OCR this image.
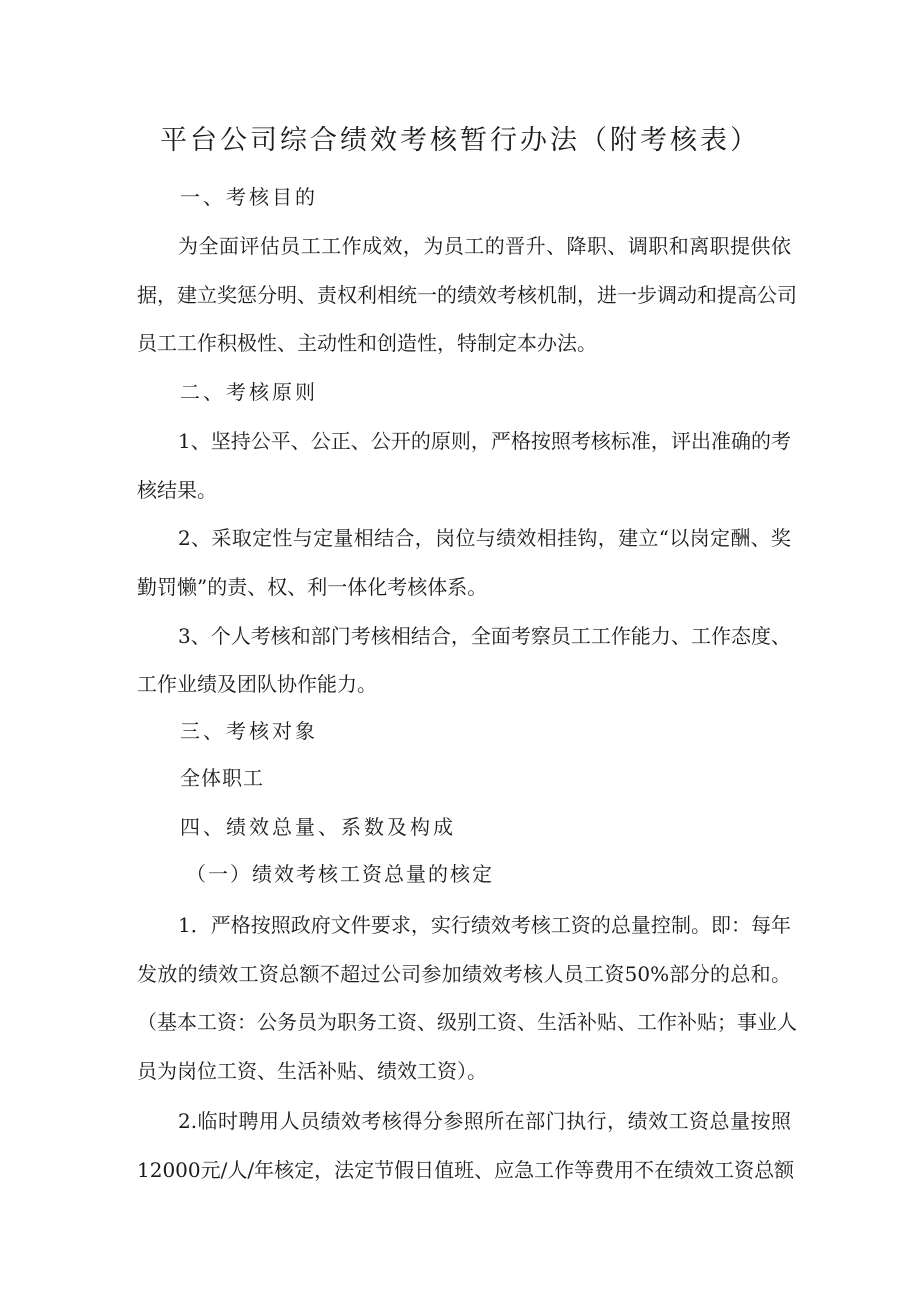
平台公司综合绩效考核暂行办法（附考核表）
一、考核目的
为全面评估员工工作成效，为员工的晋升、降职、调职和离职提供依
据，建立奖惩分明、责权利相统一的绩效考核机制，进一步调动和提高公司
员工工作积极性、主动性和创造性，特制定本办法。
二、考核原则
1、坚持公平、公正、公开的原则，严格按照考核标准，评出准确的考
核结果。
2、采取定性与定量相结合，岗位与绩效相挂钩，建立“以岗定酬、奖
勤罚懒”的责、权、利一体化考核体系。
3、个人考核和部门考核相结合，全面考察员工工作能力、工作态度、
工作业绩及团队协作能力。
三、考核对象
全体职工
四、绩效总量、系数及构成
（一）绩效考核工资总量的核定
1．严格按照政府文件要求，实行绩效考核工资的总量控制。即：每年
发放的绩效工资总额不超过公司参加绩效考核人员工资50%部分的总和。
（基本工资：公务员为职务工资、级别工资、生活补贴、工作补贴；事业人
员为岗位工资、生活补贴、绩效工资）。
2.临时聘用人员绩效考核得分参照所在部门执行，绩效工资总量按照
12000元/人/年核定，法定节假日值班、应急工作等费用不在绩效工资总额
